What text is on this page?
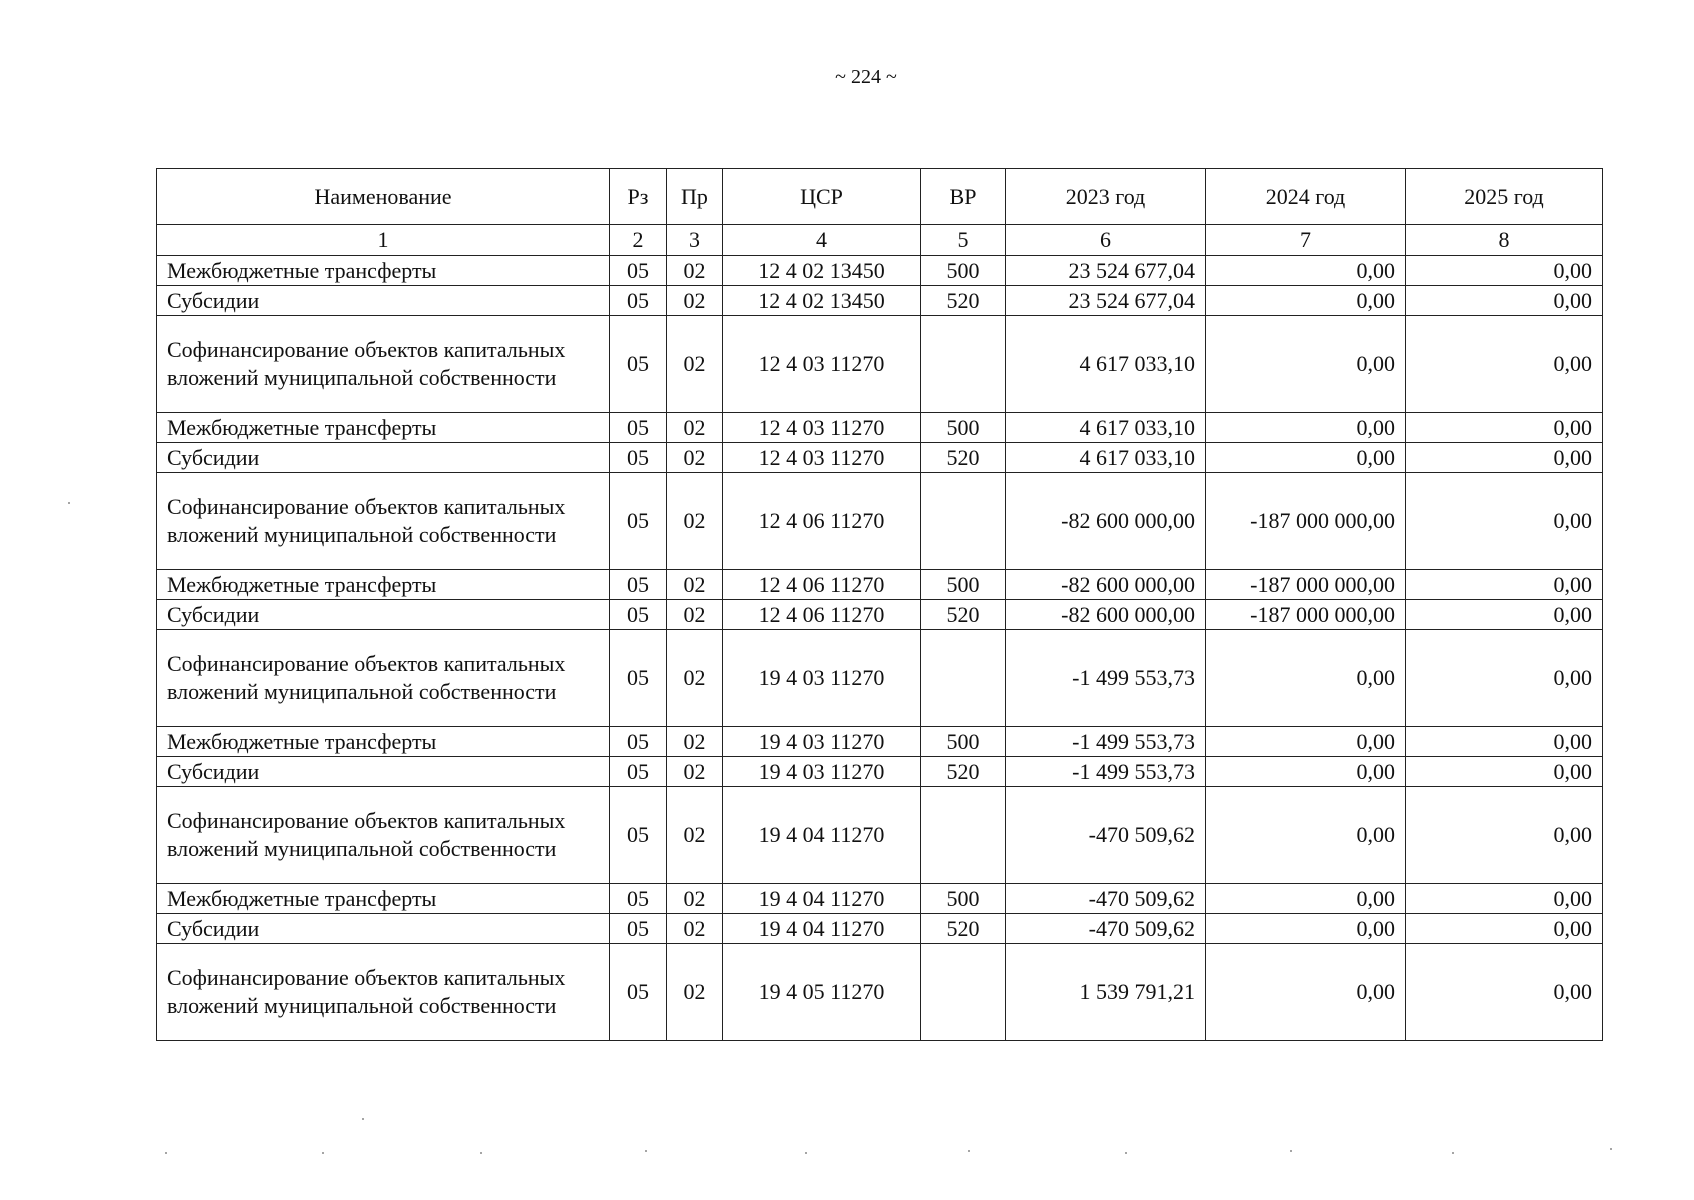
~ 224 ~
Наименование	Рз	Пр	ЦСР	ВР	2023 год	2024 год	2025 год
1	2	3	4	5	6	7	8
Межбюджетные трансферты	05	02	12 4 02 13450	500	23 524 677,04	0,00	0,00
Субсидии	05	02	12 4 02 13450	520	23 524 677,04	0,00	0,00
Софинансирование объектов капитальных вложений муниципальной собственности	05	02	12 4 03 11270		4 617 033,10	0,00	0,00
Межбюджетные трансферты	05	02	12 4 03 11270	500	4 617 033,10	0,00	0,00
Субсидии	05	02	12 4 03 11270	520	4 617 033,10	0,00	0,00
Софинансирование объектов капитальных вложений муниципальной собственности	05	02	12 4 06 11270		-82 600 000,00	-187 000 000,00	0,00
Межбюджетные трансферты	05	02	12 4 06 11270	500	-82 600 000,00	-187 000 000,00	0,00
Субсидии	05	02	12 4 06 11270	520	-82 600 000,00	-187 000 000,00	0,00
Софинансирование объектов капитальных вложений муниципальной собственности	05	02	19 4 03 11270		-1 499 553,73	0,00	0,00
Межбюджетные трансферты	05	02	19 4 03 11270	500	-1 499 553,73	0,00	0,00
Субсидии	05	02	19 4 03 11270	520	-1 499 553,73	0,00	0,00
Софинансирование объектов капитальных вложений муниципальной собственности	05	02	19 4 04 11270		-470 509,62	0,00	0,00
Межбюджетные трансферты	05	02	19 4 04 11270	500	-470 509,62	0,00	0,00
Субсидии	05	02	19 4 04 11270	520	-470 509,62	0,00	0,00
Софинансирование объектов капитальных вложений муниципальной собственности	05	02	19 4 05 11270		1 539 791,21	0,00	0,00
